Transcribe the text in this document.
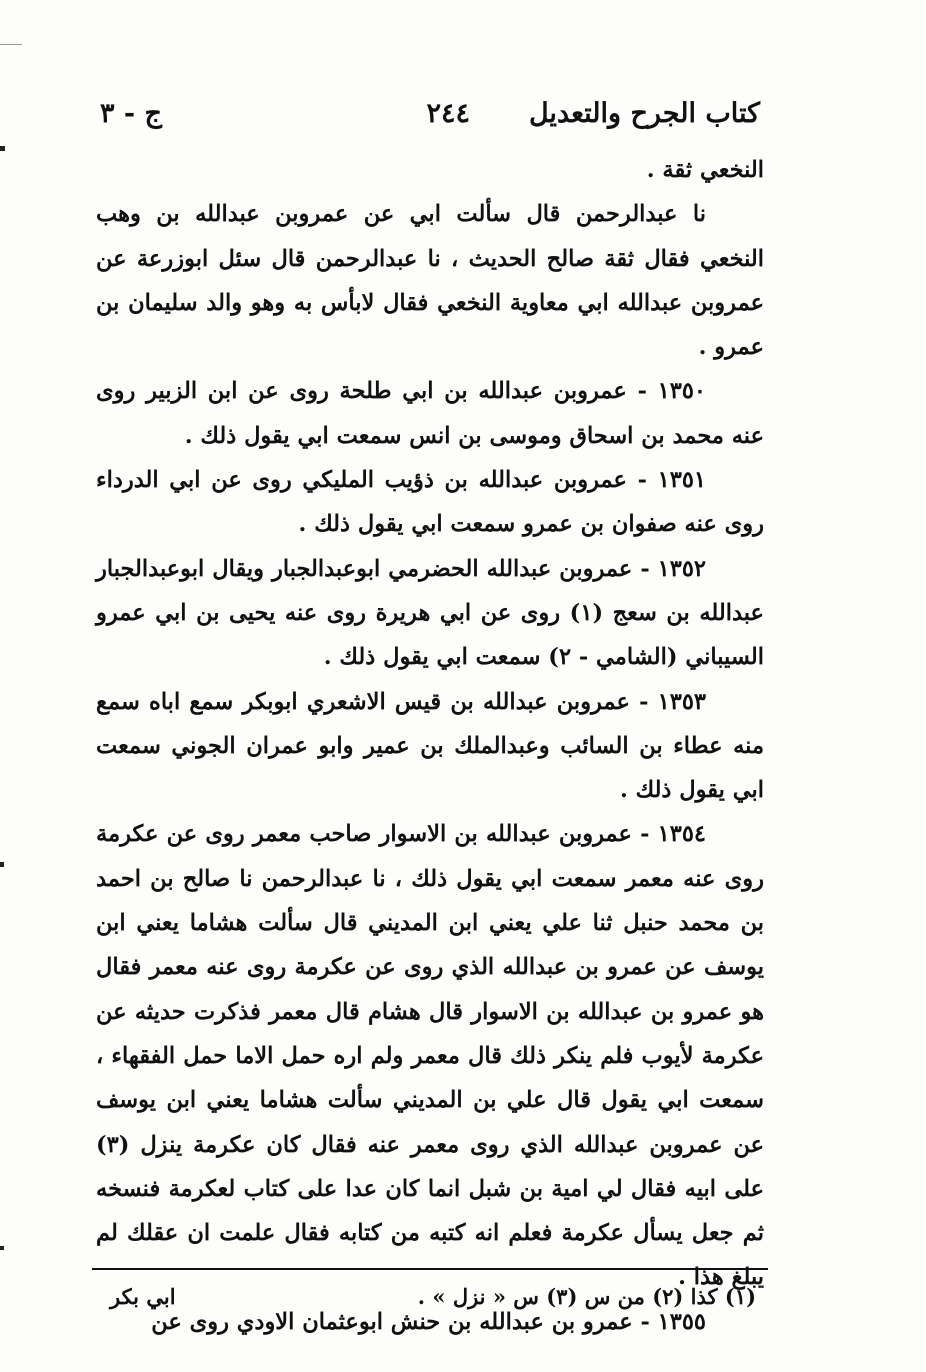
كتاب الجرح والتعديل
٢٤٤
ج - ٣

النخعي ثقة .

نا عبدالرحمن قال سألت ابي عن عمروبن عبدالله بن وهب النخعي فقال ثقة صالح الحديث ، نا عبدالرحمن قال سئل ابوزرعة عن عمروبن عبدالله ابي معاوية النخعي فقال لابأس به وهو والد سليمان بن عمرو .

١٣٥٠ - عمروبن عبدالله بن ابي طلحة روى عن ابن الزبير روى عنه محمد بن اسحاق وموسى بن انس سمعت ابي يقول ذلك .

١٣٥١ - عمروبن عبدالله بن ذؤيب المليكي روى عن ابي الدرداء روى عنه صفوان بن عمرو سمعت ابي يقول ذلك .

١٣٥٢ - عمروبن عبدالله الحضرمي ابوعبدالجبار ويقال ابوعبدالجبار عبدالله بن سعج (١) روى عن ابي هريرة روى عنه يحيى بن ابي عمرو السيباني (الشامي - ٢) سمعت ابي يقول ذلك .

١٣٥٣ - عمروبن عبدالله بن قيس الاشعري ابوبكر سمع اباه سمع منه عطاء بن السائب وعبدالملك بن عمير وابو عمران الجوني سمعت ابي يقول ذلك .

١٣٥٤ - عمروبن عبدالله بن الاسوار صاحب معمر روى عن عكرمة روى عنه معمر سمعت ابي يقول ذلك ، نا عبدالرحمن نا صالح بن احمد بن محمد حنبل ثنا علي يعني ابن المديني قال سألت هشاما يعني ابن يوسف عن عمرو بن عبدالله الذي روى عن عكرمة روى عنه معمر فقال هو عمرو بن عبدالله بن الاسوار قال هشام قال معمر فذكرت حديثه عن عكرمة لأيوب فلم ينكر ذلك قال معمر ولم اره حمل الاما حمل الفقهاء ، سمعت ابي يقول قال علي بن المديني سألت هشاما يعني ابن يوسف عن عمروبن عبدالله الذي روى معمر عنه فقال كان عكرمة ينزل (٣) على ابيه فقال لي امية بن شبل انما كان عدا على كتاب لعكرمة فنسخه ثم جعل يسأل عكرمة فعلم انه كتبه من كتابه فقال علمت ان عقلك لم يبلغ هذا .

١٣٥٥ - عمرو بن عبدالله بن حنش ابوعثمان الاودي روى عن

(١) كذا (٢) من س (٣) س « نزل » .
ابي بكر
